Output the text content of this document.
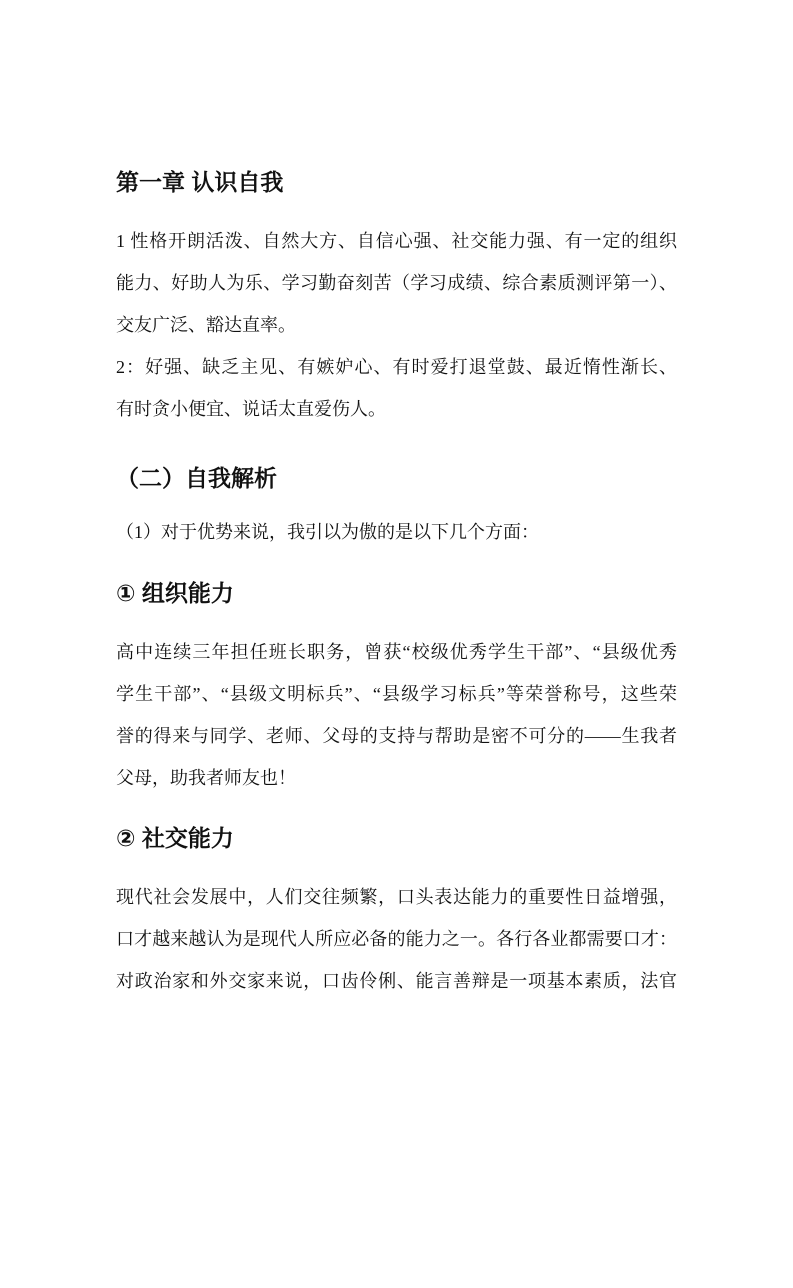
第一章 认识自我
1 性格开朗活泼、自然大方、自信心强、社交能力强、有一定的组织
能力、好助人为乐、学习勤奋刻苦（学习成绩、综合素质测评第一）、
交友广泛、豁达直率。
2：好强、缺乏主见、有嫉妒心、有时爱打退堂鼓、最近惰性渐长、
有时贪小便宜、说话太直爱伤人。
（二）自我解析
（1）对于优势来说，我引以为傲的是以下几个方面：
① 组织能力
高中连续三年担任班长职务，曾获“校级优秀学生干部”、“县级优秀
学生干部”、“县级文明标兵”、“县级学习标兵”等荣誉称号，这些荣
誉的得来与同学、老师、父母的支持与帮助是密不可分的——生我者
父母，助我者师友也！
② 社交能力
现代社会发展中，人们交往频繁，口头表达能力的重要性日益增强，
口才越来越认为是现代人所应必备的能力之一。各行各业都需要口才：
对政治家和外交家来说，口齿伶俐、能言善辩是一项基本素质，法官
